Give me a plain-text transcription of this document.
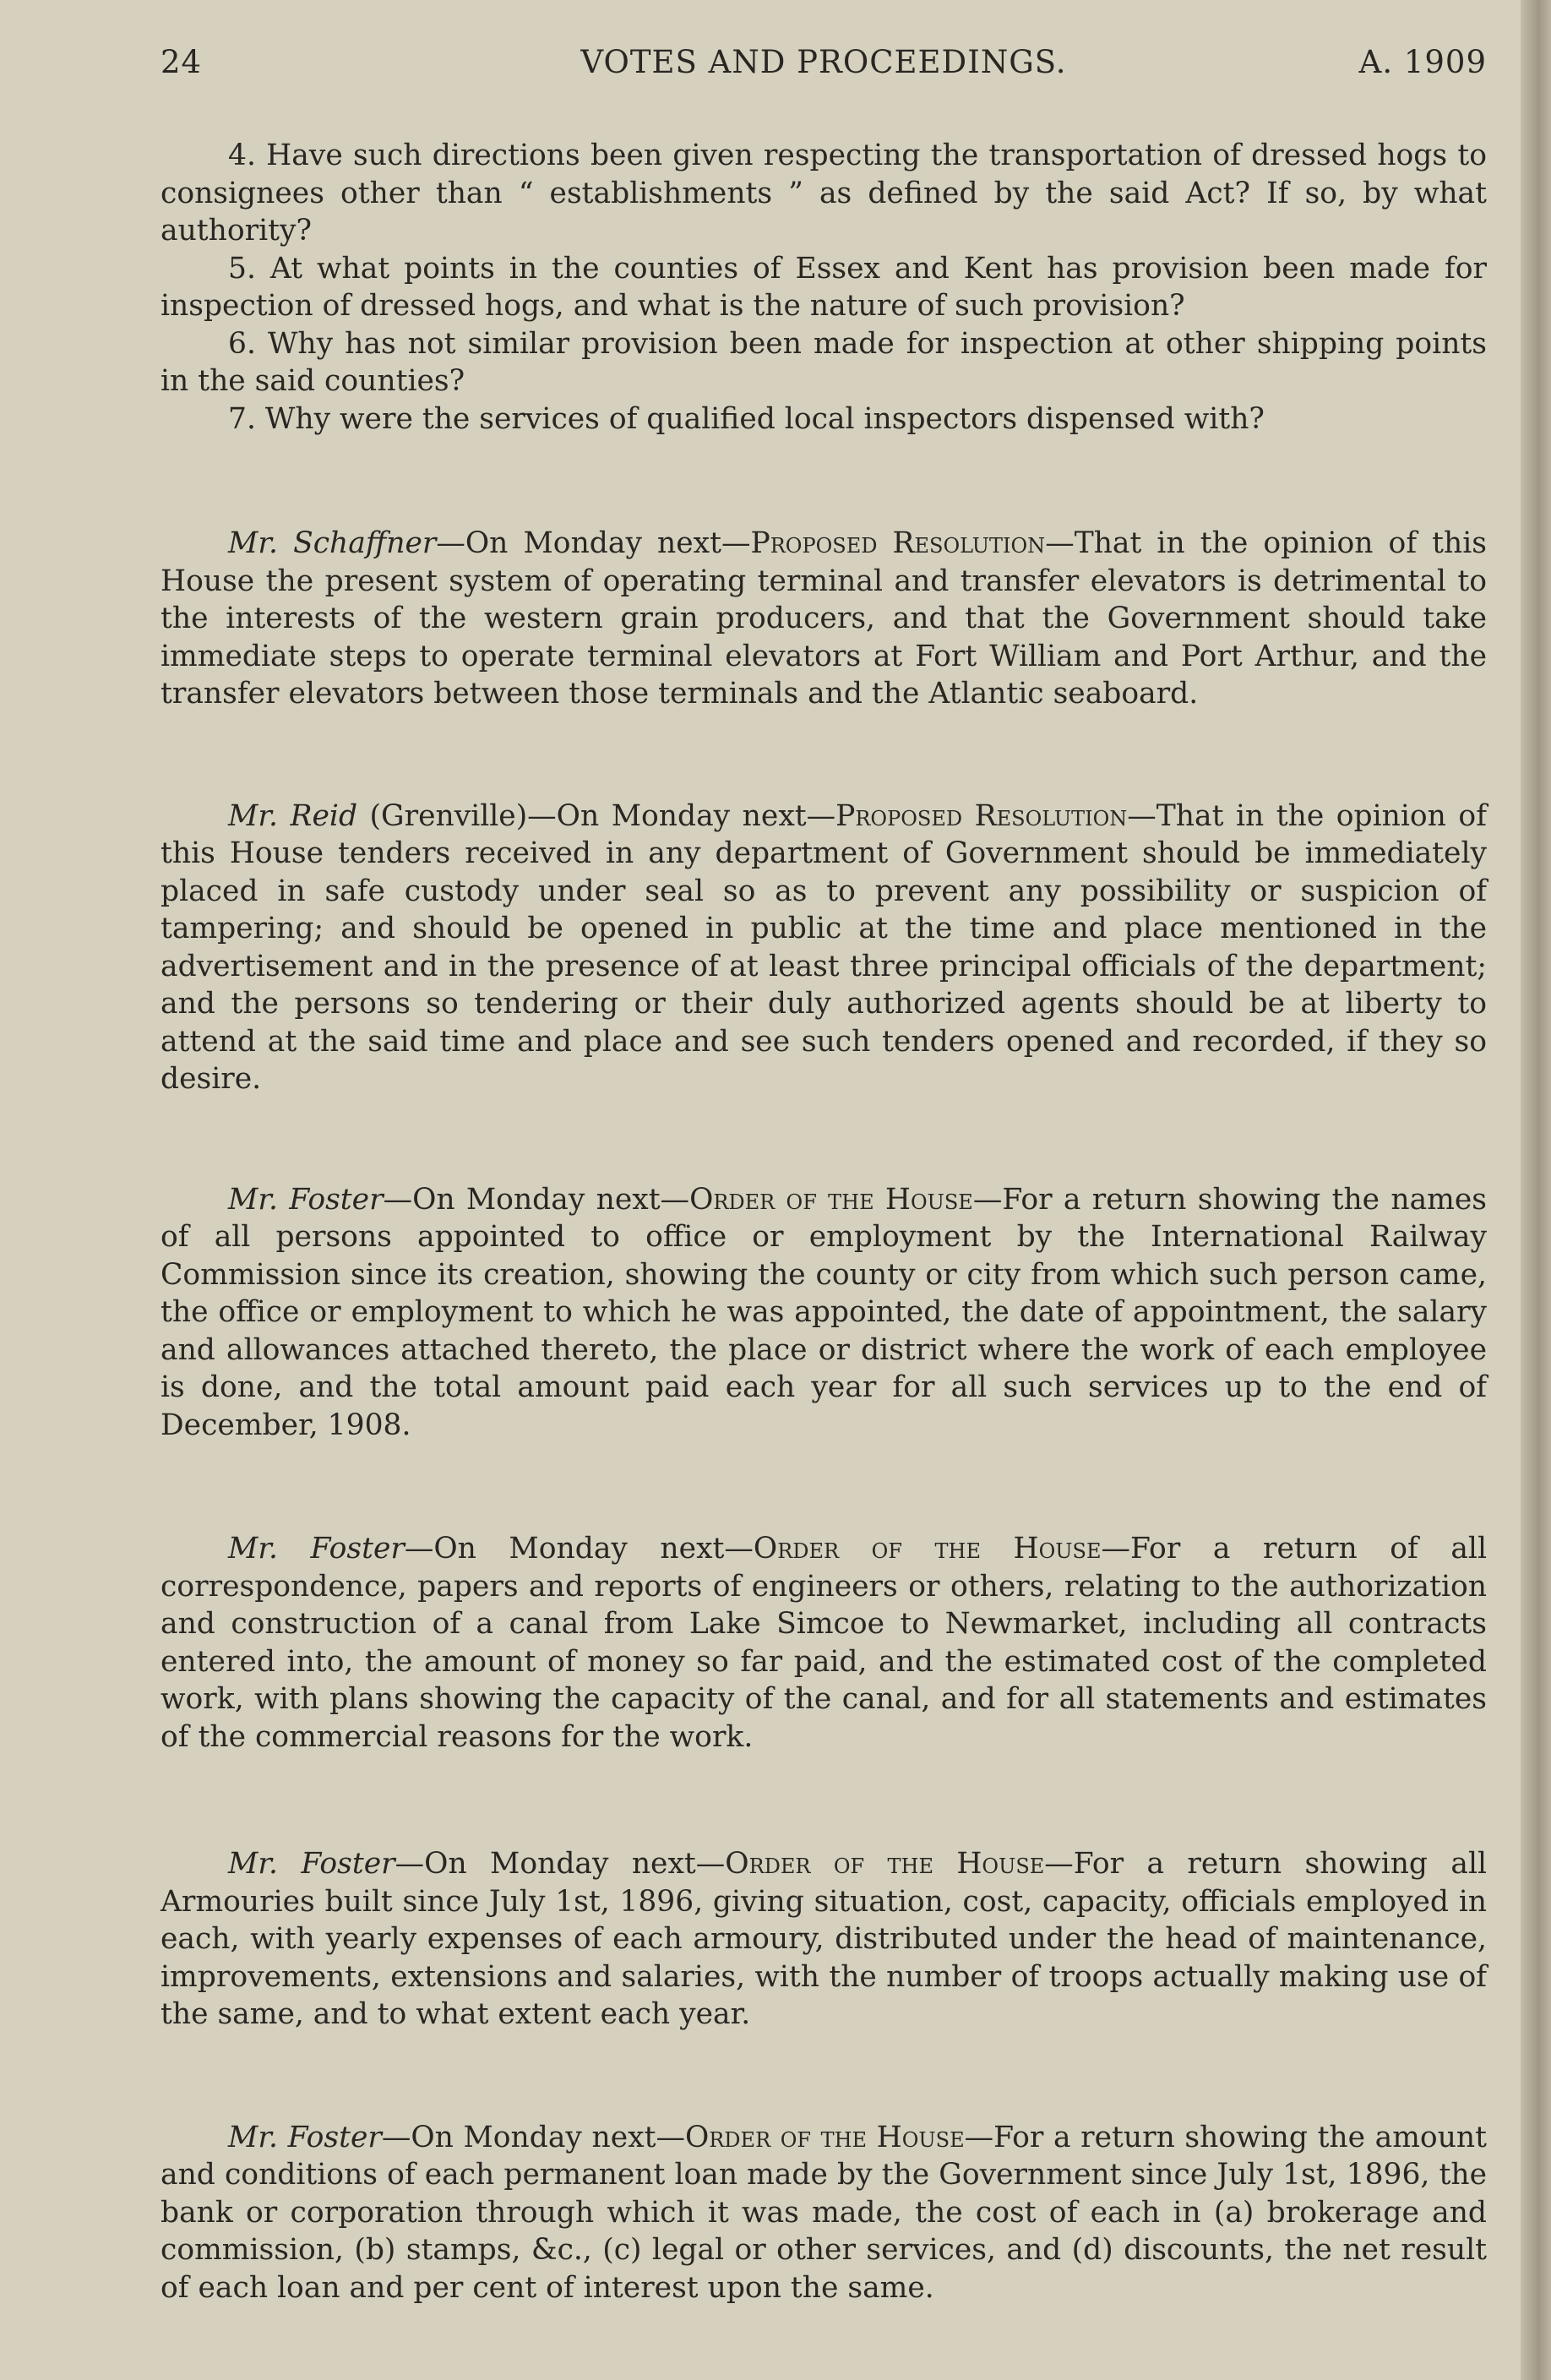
24	VOTES AND PROCEEDINGS.	A. 1909

4. Have such directions been given respecting the transportation of dressed hogs to consignees other than “ establishments ” as defined by the said Act? If so, by what authority?

5. At what points in the counties of Essex and Kent has provision been made for inspection of dressed hogs, and what is the nature of such provision?

6. Why has not similar provision been made for inspection at other shipping points in the said counties?

7. Why were the services of qualified local inspectors dispensed with?

Mr. Schaffner—On Monday next—Proposed Resolution—That in the opinion of this House the present system of operating terminal and transfer elevators is detrimental to the interests of the western grain producers, and that the Government should take immediate steps to operate terminal elevators at Fort William and Port Arthur, and the transfer elevators between those terminals and the Atlantic seaboard.

Mr. Reid (Grenville)—On Monday next—Proposed Resolution—That in the opinion of this House tenders received in any department of Government should be immediately placed in safe custody under seal so as to prevent any possibility or suspicion of tampering; and should be opened in public at the time and place mentioned in the advertisement and in the presence of at least three principal officials of the department; and the persons so tendering or their duly authorized agents should be at liberty to attend at the said time and place and see such tenders opened and recorded, if they so desire.

Mr. Foster—On Monday next—Order of the House—For a return showing the names of all persons appointed to office or employment by the International Railway Commission since its creation, showing the county or city from which such person came, the office or employment to which he was appointed, the date of appointment, the salary and allowances attached thereto, the place or district where the work of each employee is done, and the total amount paid each year for all such services up to the end of December, 1908.

Mr. Foster—On Monday next—Order of the House—For a return of all correspondence, papers and reports of engineers or others, relating to the authorization and construction of a canal from Lake Simcoe to Newmarket, including all contracts entered into, the amount of money so far paid, and the estimated cost of the completed work, with plans showing the capacity of the canal, and for all statements and estimates of the commercial reasons for the work.

Mr. Foster—On Monday next—Order of the House—For a return showing all Armouries built since July 1st, 1896, giving situation, cost, capacity, officials employed in each, with yearly expenses of each armoury, distributed under the head of maintenance, improvements, extensions and salaries, with the number of troops actually making use of the same, and to what extent each year.

Mr. Foster—On Monday next—Order of the House—For a return showing the amount and conditions of each permanent loan made by the Government since July 1st, 1896, the bank or corporation through which it was made, the cost of each in (a) brokerage and commission, (b) stamps, &c., (c) legal or other services, and (d) discounts, the net result of each loan and per cent of interest upon the same.
